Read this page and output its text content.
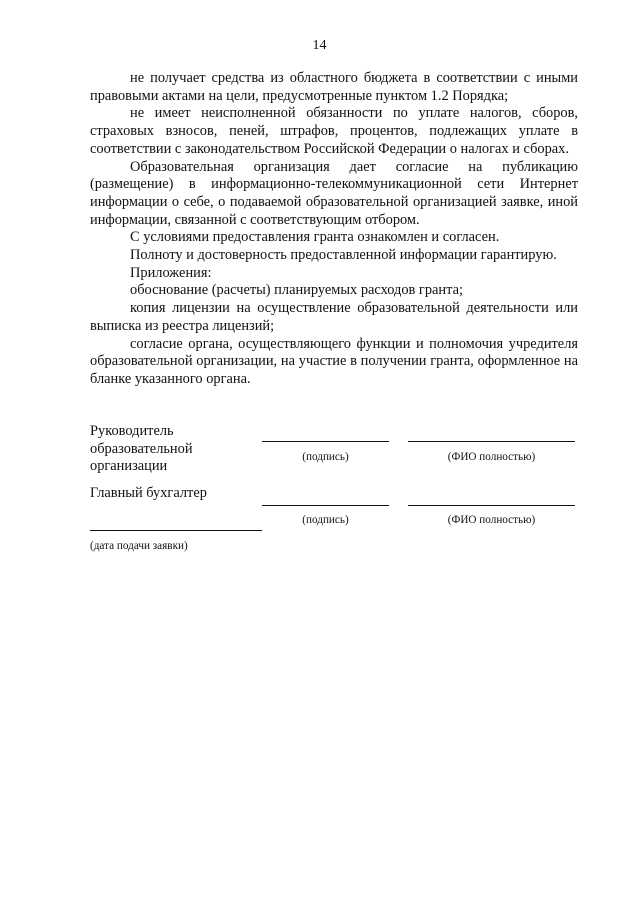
14

не получает средства из областного бюджета в соответствии с иными правовыми актами на цели, предусмотренные пунктом 1.2 Порядка;

не имеет неисполненной обязанности по уплате налогов, сборов, страховых взносов, пеней, штрафов, процентов, подлежащих уплате в соответствии с законодательством Российской Федерации о налогах и сборах.

Образовательная организация дает согласие на публикацию (размещение) в информационно-телекоммуникационной сети Интернет информации о себе, о подаваемой образовательной организацией заявке, иной информации, связанной с соответствующим отбором.

С условиями предоставления гранта ознакомлен и согласен.

Полноту и достоверность предоставленной информации гарантирую.

Приложения:

обоснование (расчеты) планируемых расходов гранта;

копия лицензии на осуществление образовательной деятельности или выписка из реестра лицензий;

согласие органа, осуществляющего функции и полномочия учредителя образовательной организации, на участие в получении гранта, оформленное на бланке указанного органа.

Руководитель образовательной организации
(подпись)	(ФИО полностью)
Главный бухгалтер
(подпись)	(ФИО полностью)
(дата подачи заявки)
